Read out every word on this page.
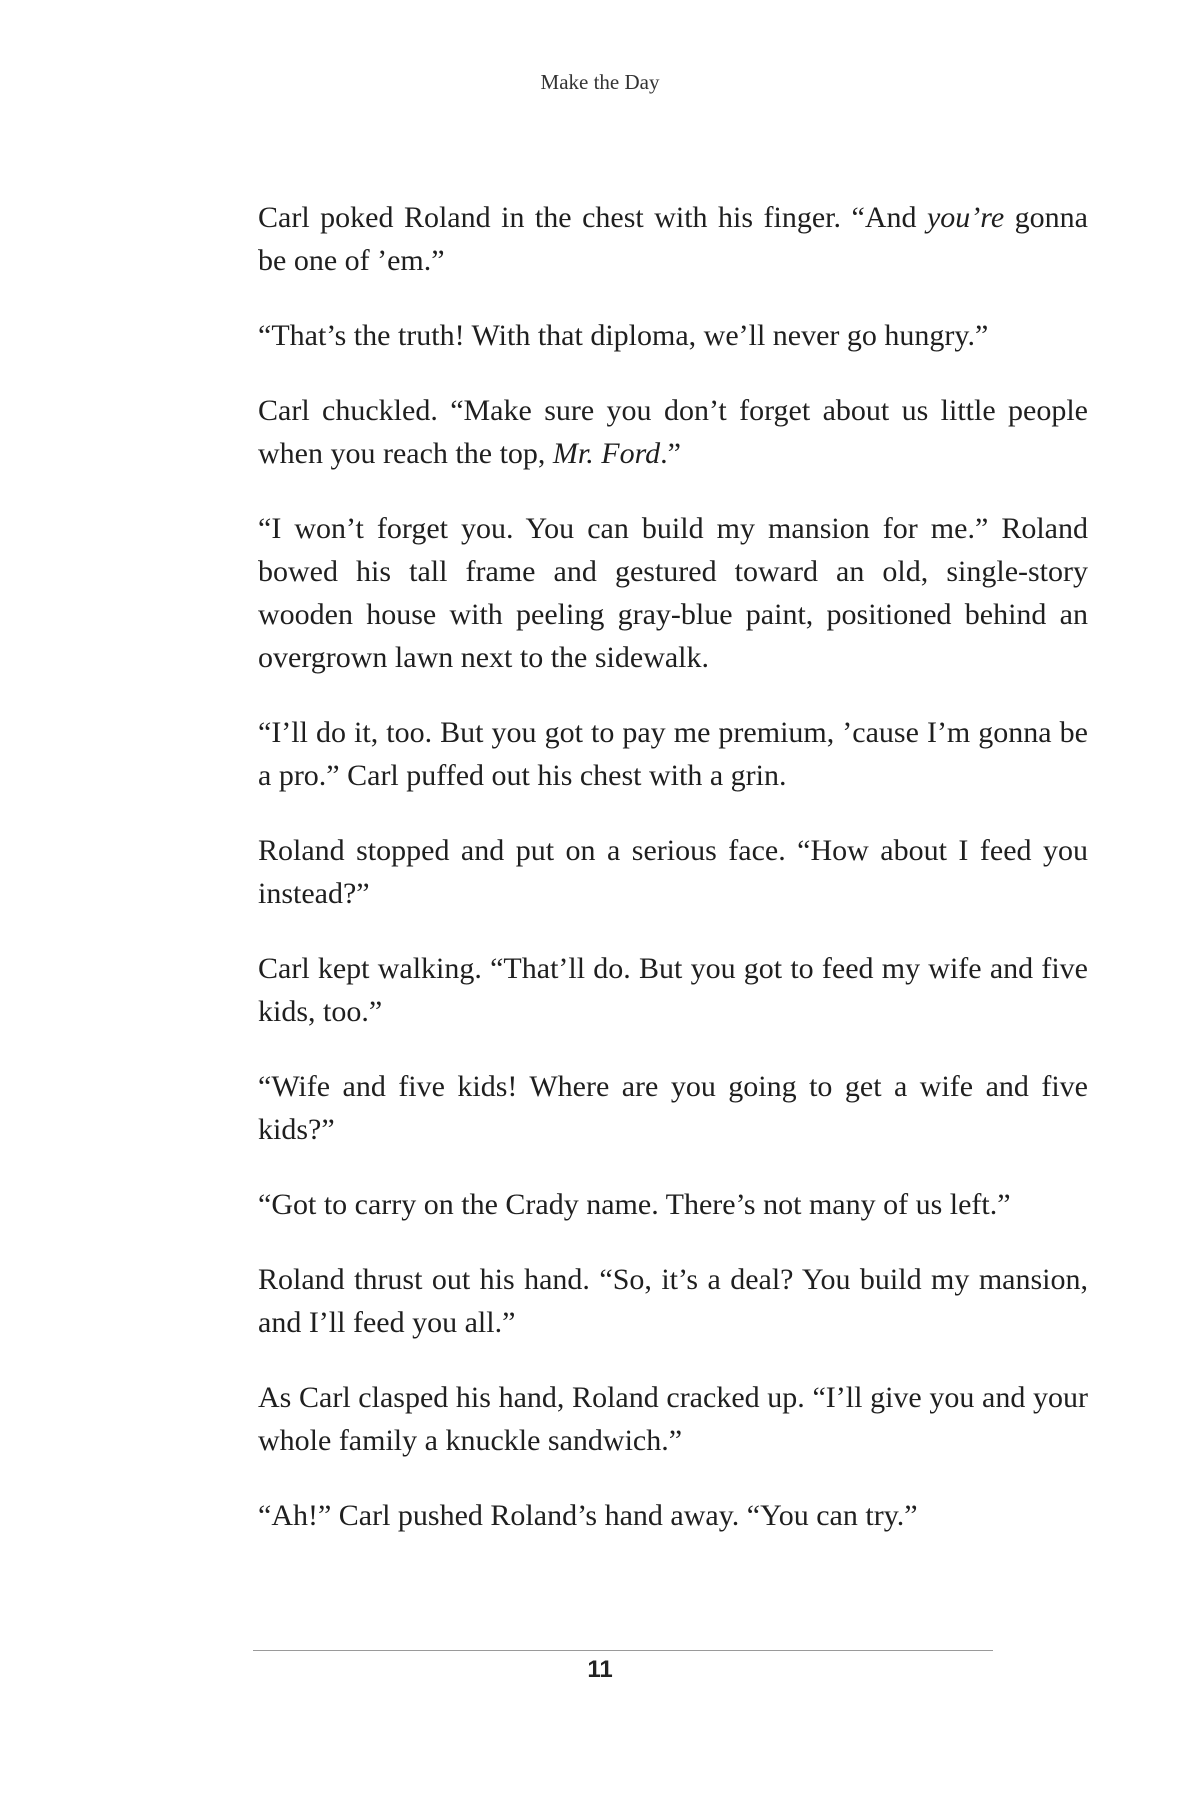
Make the Day

Carl poked Roland in the chest with his finger. “And you’re gonna be one of ’em.”

“That’s the truth! With that diploma, we’ll never go hungry.”

Carl chuckled. “Make sure you don’t forget about us little people when you reach the top, Mr. Ford.”

“I won’t forget you. You can build my mansion for me.” Roland bowed his tall frame and gestured toward an old, single-story wooden house with peeling gray-blue paint, positioned behind an overgrown lawn next to the sidewalk.

“I’ll do it, too. But you got to pay me premium, ’cause I’m gonna be a pro.” Carl puffed out his chest with a grin.

Roland stopped and put on a serious face. “How about I feed you instead?”

Carl kept walking. “That’ll do. But you got to feed my wife and five kids, too.”

“Wife and five kids! Where are you going to get a wife and five kids?”

“Got to carry on the Crady name. There’s not many of us left.”

Roland thrust out his hand. “So, it’s a deal? You build my mansion, and I’ll feed you all.”

As Carl clasped his hand, Roland cracked up. “I’ll give you and your whole family a knuckle sandwich.”

“Ah!” Carl pushed Roland’s hand away. “You can try.”

11
